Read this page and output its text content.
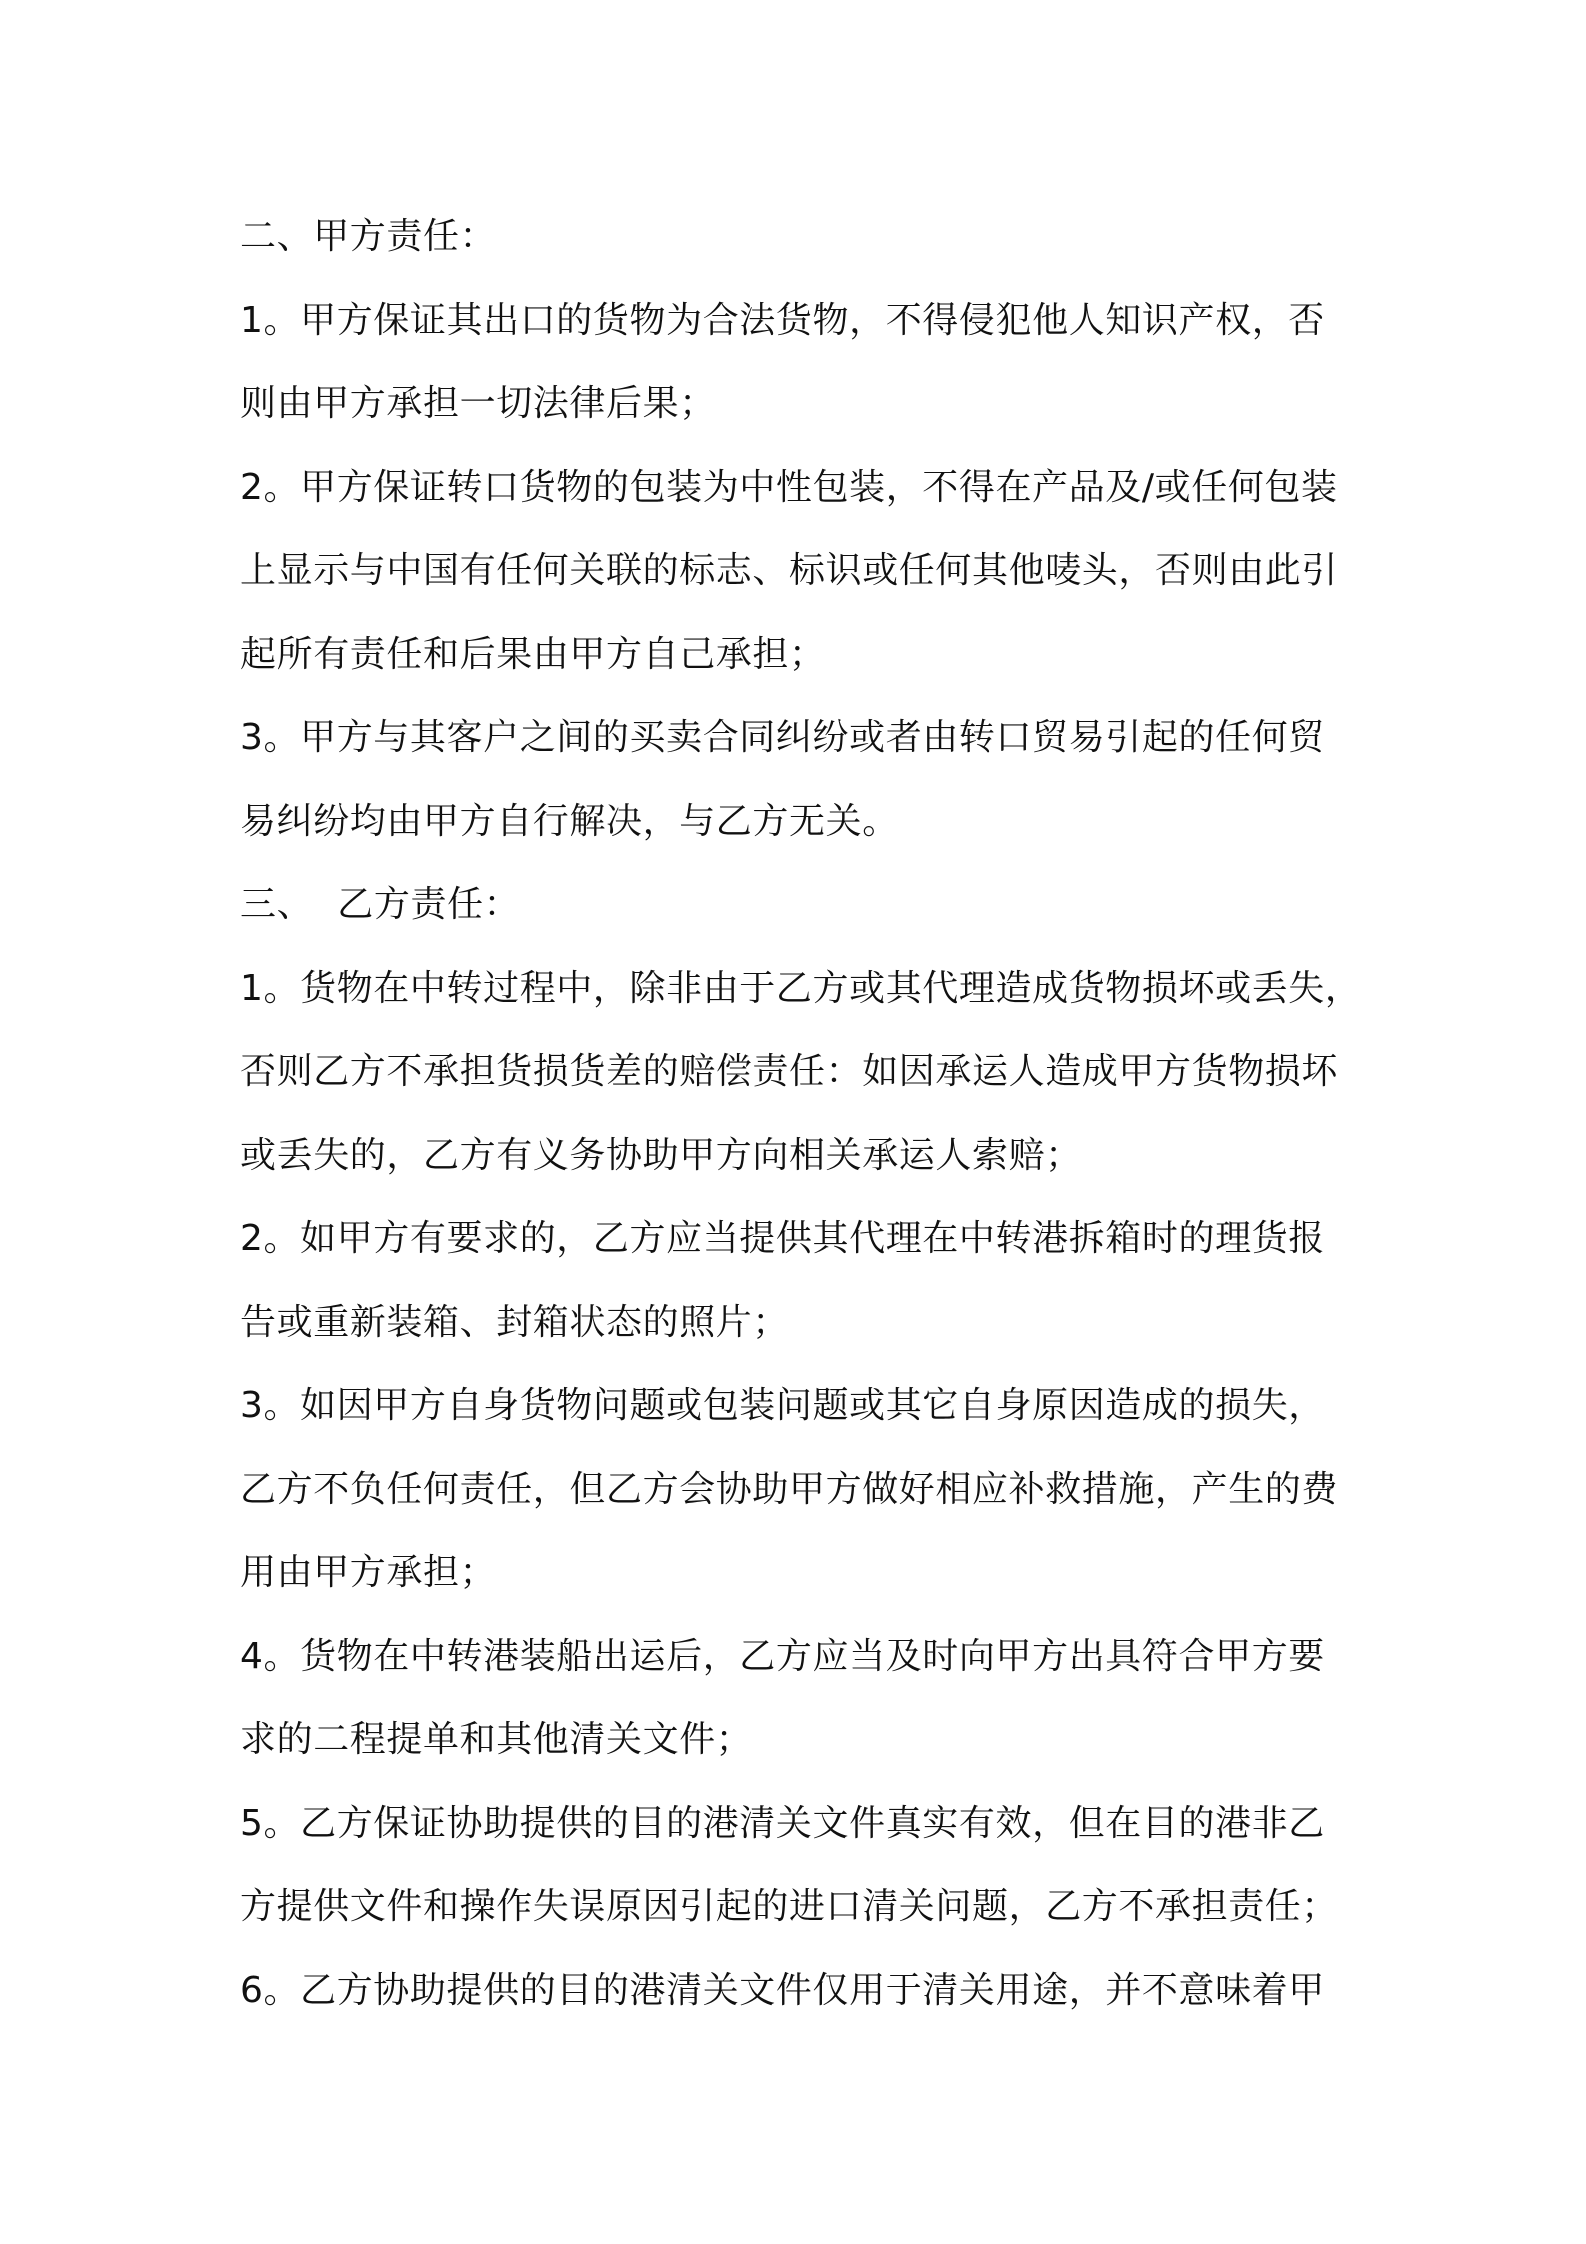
二、甲方责任：
1。甲方保证其出口的货物为合法货物，不得侵犯他人知识产权，否
则由甲方承担一切法律后果；
2。甲方保证转口货物的包装为中性包装，不得在产品及/或任何包装
上显示与中国有任何关联的标志、标识或任何其他唛头，否则由此引
起所有责任和后果由甲方自己承担；
3。甲方与其客户之间的买卖合同纠纷或者由转口贸易引起的任何贸
易纠纷均由甲方自行解决，与乙方无关。
三、  乙方责任：
1。货物在中转过程中，除非由于乙方或其代理造成货物损坏或丢失，
否则乙方不承担货损货差的赔偿责任：如因承运人造成甲方货物损坏
或丢失的，乙方有义务协助甲方向相关承运人索赔；
2。如甲方有要求的，乙方应当提供其代理在中转港拆箱时的理货报
告或重新装箱、封箱状态的照片；
3。如因甲方自身货物问题或包装问题或其它自身原因造成的损失，
乙方不负任何责任，但乙方会协助甲方做好相应补救措施，产生的费
用由甲方承担；
4。货物在中转港装船出运后，乙方应当及时向甲方出具符合甲方要
求的二程提单和其他清关文件；
5。乙方保证协助提供的目的港清关文件真实有效，但在目的港非乙
方提供文件和操作失误原因引起的进口清关问题，乙方不承担责任；
6。乙方协助提供的目的港清关文件仅用于清关用途，并不意味着甲
